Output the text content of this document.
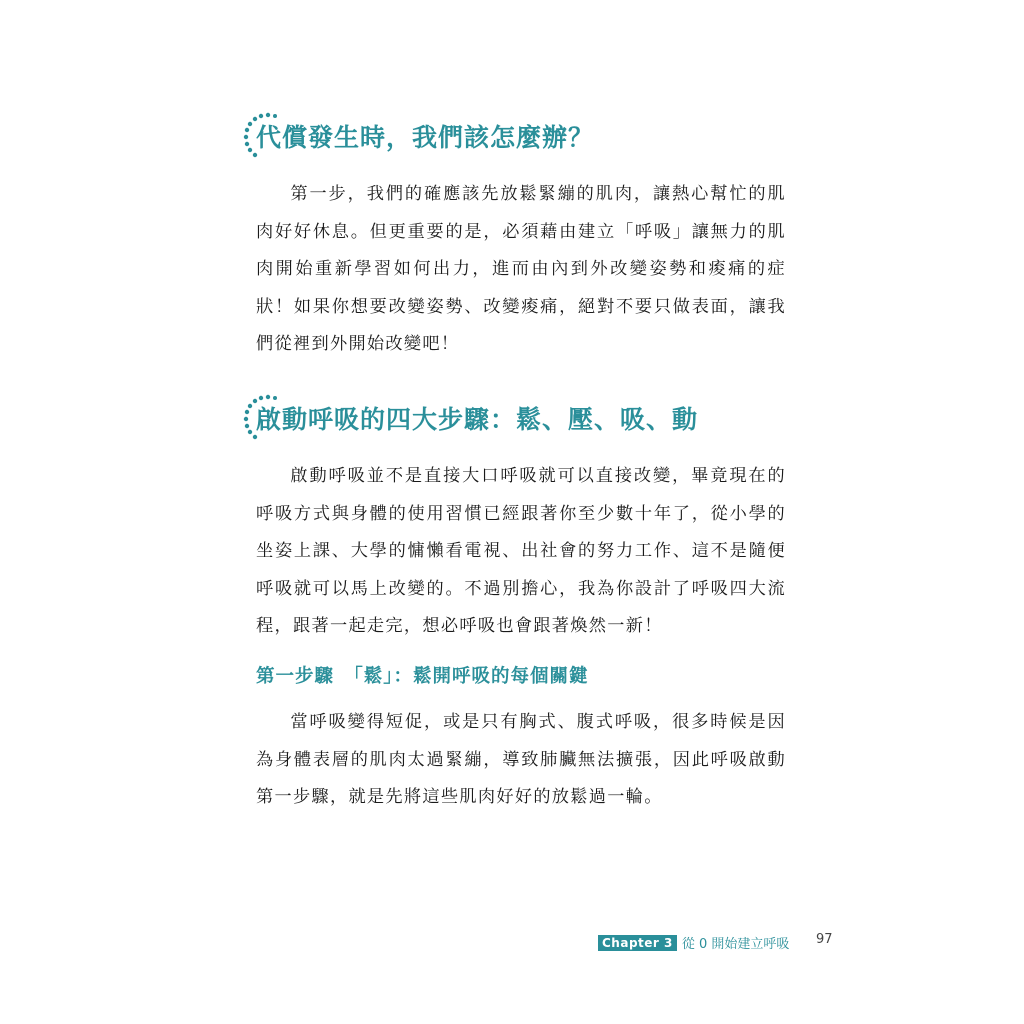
代償發生時，我們該怎麼辦？

第一步，我們的確應該先放鬆緊繃的肌肉，讓熱心幫忙的肌肉好好休息。但更重要的是，必須藉由建立「呼吸」讓無力的肌肉開始重新學習如何出力，進而由內到外改變姿勢和痠痛的症狀！如果你想要改變姿勢、改變痠痛，絕對不要只做表面，讓我們從裡到外開始改變吧！

啟動呼吸的四大步驟：鬆、壓、吸、動

啟動呼吸並不是直接大口呼吸就可以直接改變，畢竟現在的呼吸方式與身體的使用習慣已經跟著你至少數十年了，從小學的坐姿上課、大學的慵懶看電視、出社會的努力工作、這不是隨便呼吸就可以馬上改變的。不過別擔心，我為你設計了呼吸四大流程，跟著一起走完，想必呼吸也會跟著煥然一新！

第一步驟　「鬆」：鬆開呼吸的每個關鍵

當呼吸變得短促，或是只有胸式、腹式呼吸，很多時候是因為身體表層的肌肉太過緊繃，導致肺臟無法擴張，因此呼吸啟動第一步驟，就是先將這些肌肉好好的放鬆過一輪。

Chapter 3 從 0 開始建立呼吸 97
